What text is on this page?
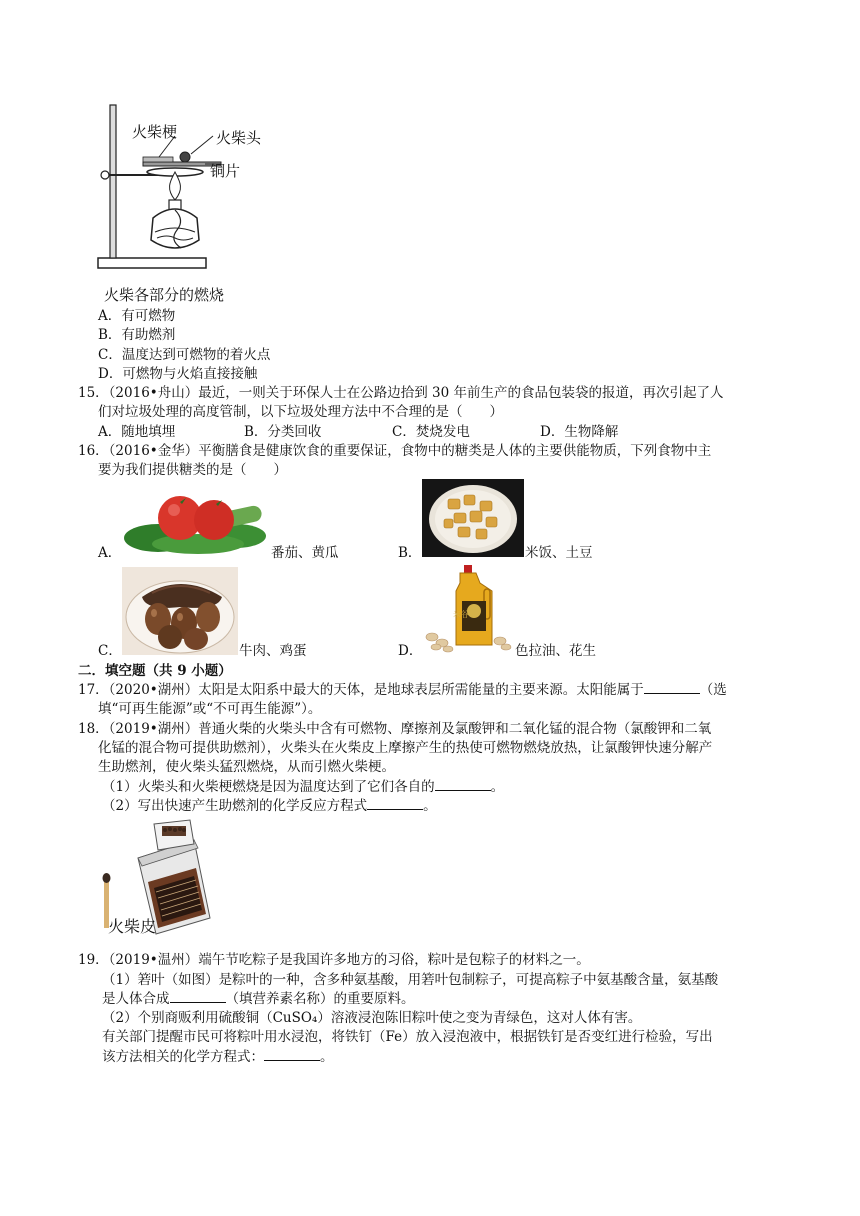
火柴梗	火柴头
铜片
火柴各部分的燃烧
A．有可燃物
B．有助燃剂
C．温度达到可燃物的着火点
D．可燃物与火焰直接接触
15．（2016•舟山）最近，一则关于环保人士在公路边拾到 30 年前生产的食品包装袋的报道，再次引起了人
们对垃圾处理的高度管制，以下垃圾处理方法中不合理的是（　　）
A．随地填埋	B．分类回收	C．焚烧发电	D．生物降解
16．（2016•金华）平衡膳食是健康饮食的重要保证，食物中的糖类是人体的主要供能物质，下列食物中主
要为我们提供糖类的是（　　）
A．	番茄、黄瓜	B．	米饭、土豆
C．	牛肉、鸡蛋
米谷
D．	色拉油、花生
二．填空题（共 9 小题）
17．（2020•湖州）太阳是太阳系中最大的天体，是地球表层所需能量的主要来源。太阳能属于	（选
填“可再生能源”或“不可再生能源”）。
18．（2019•湖州）普通火柴的火柴头中含有可燃物、摩擦剂及氯酸钾和二氧化锰的混合物（氯酸钾和二氧
化锰的混合物可提供助燃剂），火柴头在火柴皮上摩擦产生的热使可燃物燃烧放热，让氯酸钾快速分解产
生助燃剂，使火柴头猛烈燃烧，从而引燃火柴梗。
（1）火柴头和火柴梗燃烧是因为温度达到了它们各自的	。
（2）写出快速产生助燃剂的化学反应方程式	。
火柴皮
19．（2019•温州）端午节吃粽子是我国许多地方的习俗，粽叶是包粽子的材料之一。
（1）箬叶（如图）是粽叶的一种，含多种氨基酸，用箬叶包制粽子，可提高粽子中氨基酸含量，氨基酸
是人体合成	（填营养素名称）的重要原料。
（2）个别商贩利用硫酸铜（CuSO₄）溶液浸泡陈旧粽叶使之变为青绿色，这对人体有害。
有关部门提醒市民可将粽叶用水浸泡，将铁钉（Fe）放入浸泡液中，根据铁钉是否变红进行检验，写出
该方法相关的化学方程式：	。
